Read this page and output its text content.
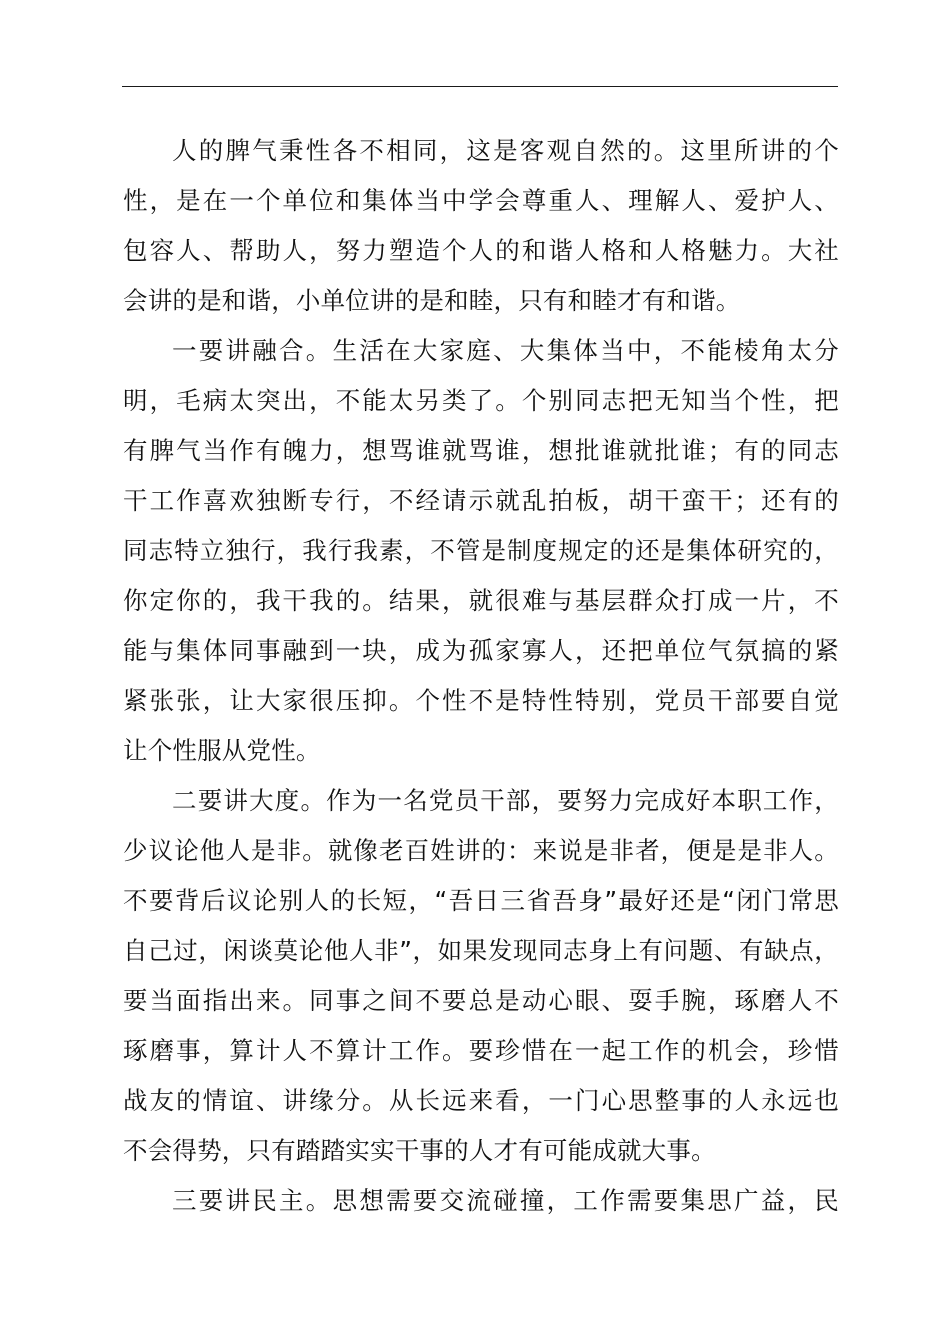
人的脾气秉性各不相同，这是客观自然的。这里所讲的个
性，是在一个单位和集体当中学会尊重人、理解人、爱护人、
包容人、帮助人，努力塑造个人的和谐人格和人格魅力。大社
会讲的是和谐，小单位讲的是和睦，只有和睦才有和谐。
一要讲融合。生活在大家庭、大集体当中，不能棱角太分
明，毛病太突出，不能太另类了。个别同志把无知当个性，把
有脾气当作有魄力，想骂谁就骂谁，想批谁就批谁；有的同志
干工作喜欢独断专行，不经请示就乱拍板，胡干蛮干；还有的
同志特立独行，我行我素，不管是制度规定的还是集体研究的，
你定你的，我干我的。结果，就很难与基层群众打成一片，不
能与集体同事融到一块，成为孤家寡人，还把单位气氛搞的紧
紧张张，让大家很压抑。个性不是特性特别，党员干部要自觉
让个性服从党性。
二要讲大度。作为一名党员干部，要努力完成好本职工作，
少议论他人是非。就像老百姓讲的：来说是非者，便是是非人。
不要背后议论别人的长短，“吾日三省吾身”最好还是“闭门常思
自己过，闲谈莫论他人非”，如果发现同志身上有问题、有缺点，
要当面指出来。同事之间不要总是动心眼、耍手腕，琢磨人不
琢磨事，算计人不算计工作。要珍惜在一起工作的机会，珍惜
战友的情谊、讲缘分。从长远来看，一门心思整事的人永远也
不会得势，只有踏踏实实干事的人才有可能成就大事。
三要讲民主。思想需要交流碰撞，工作需要集思广益，民
